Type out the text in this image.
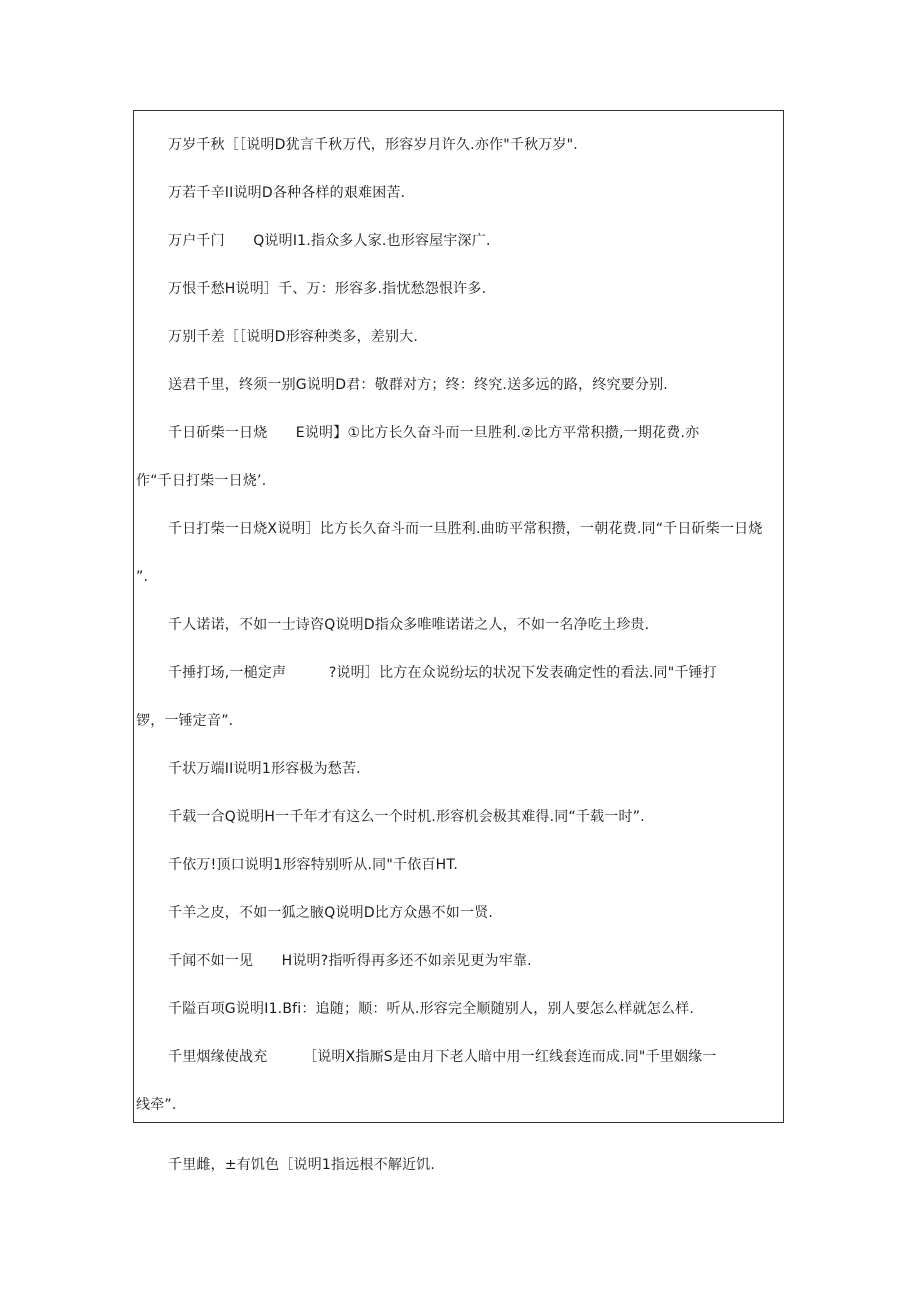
万岁千秋［［说明D犹言千秋万代，形容岁月许久.亦作"千秋万岁".
万若千辛II说明D各种各样的艰难困苦.
万户千门　　Q说明I1.指众多人家.也形容屋宇深广.
万恨千愁H说明］千、万：形容多.指忧愁怨恨许多.
万别千差［［说明D形容种类多，差别大.
送君千里，终须一别G说明D君：敬群对方；终：终究.送多远的路，终究要分别.
千日斫柴一日烧　　E说明】①比方长久奋斗而一旦胜利.②比方平常积攒,一期花费.亦
作“千日打柴一日烧’.
千日打柴一日烧X说明］比方长久奋斗而一旦胜利.曲昉平常积攒，一朝花费.同“千日斫柴一日烧
”.
千人诺诺，不如一士诗咨Q说明D指众多唯唯诺诺之人，不如一名净吃土珍贵.
千捶打场,一槌定声　　　?说明］比方在众说纷坛的状况下发表确定性的看法.同"千锤打
锣，一锤定音”.
千状万端II说明1形容极为愁苦.
千载一合Q说明H一千年才有这么一个时机.形容机会极其难得.同“千载一时”.
千依万!顶口说明1形容特别听从.同"千依百HT.
千羊之皮，不如一狐之腋Q说明D比方众愚不如一贤.
千闻不如一见　　H说明?指听得再多还不如亲见更为牢靠.
千隘百项G说明I1.Bfi：追随；顺：听从.形容完全顺随别人，别人要怎么样就怎么样.
千里烟缘使战充　　　［说明X指厮S是由月下老人暗中用一红线套连而成.同"千里姻缘一
线牵”.
千里雌，±有饥色［说明1指远根不解近饥.
